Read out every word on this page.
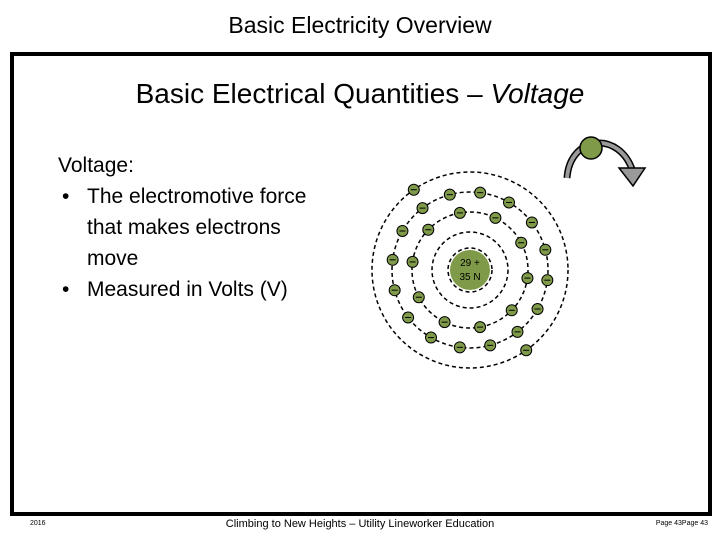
Basic Electricity Overview
Basic Electrical Quantities – Voltage
Voltage:
• The electromotive force that makes electrons move
• Measured in Volts (V)
29 +
35 N
2016	Climbing to New Heights – Utility Lineworker Education	Page 43Page 43
